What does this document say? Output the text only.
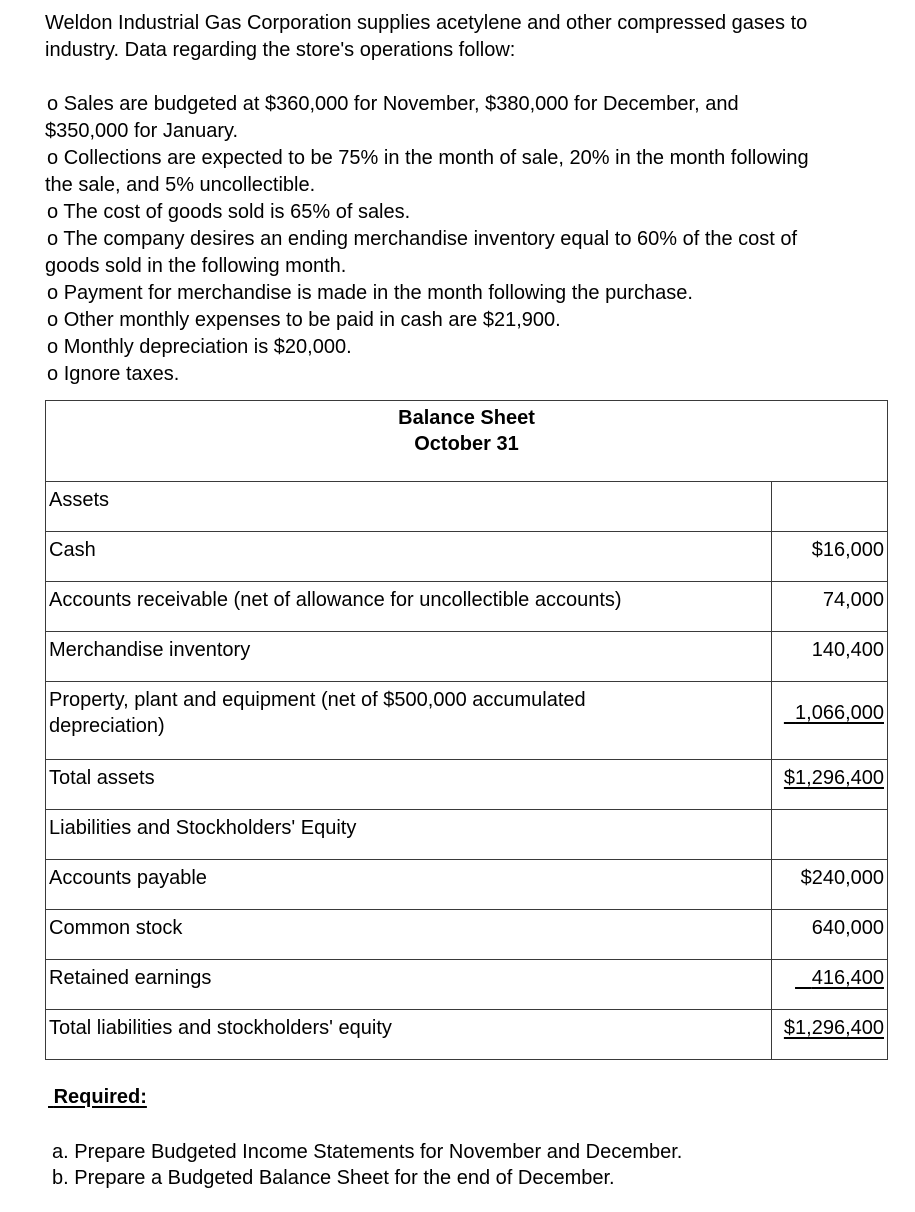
Weldon Industrial Gas Corporation supplies acetylene and other compressed gases to
industry. Data regarding the store's operations follow:
o Sales are budgeted at $360,000 for November, $380,000 for December, and
$350,000 for January.
o Collections are expected to be 75% in the month of sale, 20% in the month following
the sale, and 5% uncollectible.
o The cost of goods sold is 65% of sales.
o The company desires an ending merchandise inventory equal to 60% of the cost of
goods sold in the following month.
o Payment for merchandise is made in the month following the purchase.
o Other monthly expenses to be paid in cash are $21,900.
o Monthly depreciation is $20,000.
o Ignore taxes.
Balance Sheet
October 31	

Assets	
Cash	$16,000
Accounts receivable (net of allowance for uncollectible accounts)	74,000
Merchandise inventory	140,400
Property, plant and equipment (net of $500,000 accumulated
depreciation)	1,066,000
Total assets	$1,296,400
Liabilities and Stockholders' Equity	
Accounts payable	$240,000
Common stock	640,000
Retained earnings	416,400
Total liabilities and stockholders' equity	$1,296,400
Required:
a. Prepare Budgeted Income Statements for November and December.
b. Prepare a Budgeted Balance Sheet for the end of December.
